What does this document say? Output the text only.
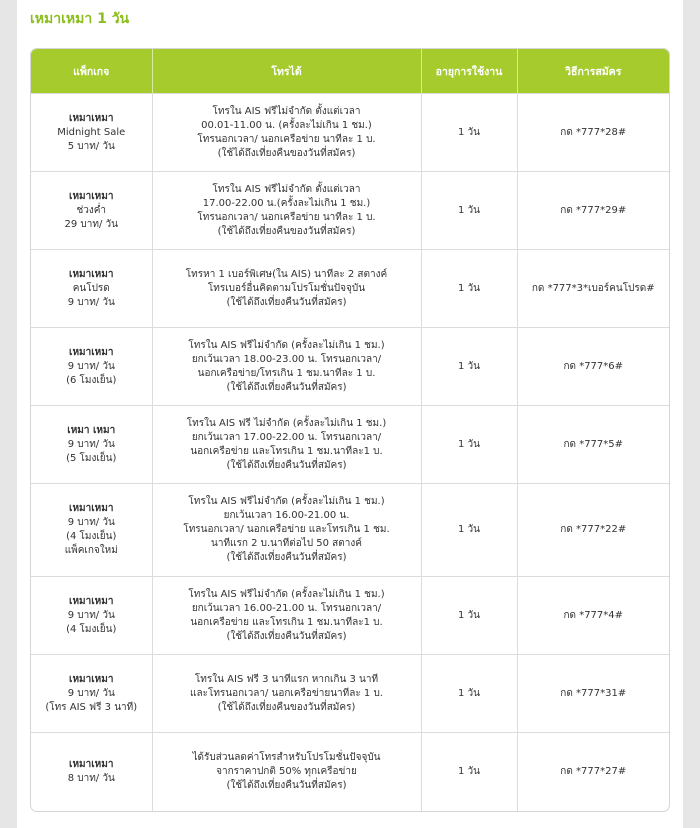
เหมาเหมา 1 วัน
แพ็กเกจ	โทรได้	อายุการใช้งาน	วิธีการสมัคร

เหมาเหมา
Midnight Sale
5 บาท/ วัน	โทรใน AIS ฟรีไม่จำกัด ตั้งแต่เวลา
00.01-11.00 น. (ครั้งละไม่เกิน 1 ชม.)
โทรนอกเวลา/ นอกเครือข่าย นาทีละ 1 บ.
(ใช้ได้ถึงเที่ยงคืนของวันที่สมัคร)	1 วัน	กด *777*28#

เหมาเหมา
ช่วงค่ำ
29 บาท/ วัน	โทรใน AIS ฟรีไม่จำกัด ตั้งแต่เวลา
17.00-22.00 น.(ครั้งละไม่เกิน 1 ชม.)
โทรนอกเวลา/ นอกเครือข่าย นาทีละ 1 บ.
(ใช้ได้ถึงเที่ยงคืนของวันที่สมัคร)	1 วัน	กด *777*29#

เหมาเหมา
คนโปรด
9 บาท/ วัน	โทรหา 1 เบอร์พิเศษ(ใน AIS) นาทีละ 2 สตางค์
โทรเบอร์อื่นคิดตามโปรโมชั่นปัจจุบัน
(ใช้ได้ถึงเที่ยงคืนวันที่สมัคร)	1 วัน	กด *777*3*เบอร์คนโปรด#

เหมาเหมา
9 บาท/ วัน
(6 โมงเย็น)	โทรใน AIS ฟรีไม่จำกัด (ครั้งละไม่เกิน 1 ชม.)
ยกเว้นเวลา 18.00-23.00 น. โทรนอกเวลา/
นอกเครือข่าย/โทรเกิน 1 ชม.นาทีละ 1 บ.
(ใช้ได้ถึงเที่ยงคืนวันที่สมัคร)	1 วัน	กด *777*6#

เหมา เหมา
9 บาท/ วัน
(5 โมงเย็น)	โทรใน AIS ฟรี ไม่จำกัด (ครั้งละไม่เกิน 1 ชม.)
ยกเว้นเวลา 17.00-22.00 น. โทรนอกเวลา/
นอกเครือข่าย และโทรเกิน 1 ชม.นาทีละ1 บ.
(ใช้ได้ถึงเที่ยงคืนวันที่สมัคร)	1 วัน	กด *777*5#

เหมาเหมา
9 บาท/ วัน
(4 โมงเย็น)
แพ็คเกจใหม่	โทรใน AIS ฟรีไม่จำกัด (ครั้งละไม่เกิน 1 ชม.)
ยกเว้นเวลา 16.00-21.00 น.
โทรนอกเวลา/ นอกเครือข่าย และโทรเกิน 1 ชม.
นาทีแรก 2 บ.นาทีต่อไป 50 สตางค์
(ใช้ได้ถึงเที่ยงคืนวันที่สมัคร)	1 วัน	กด *777*22#

เหมาเหมา
9 บาท/ วัน
(4 โมงเย็น)	โทรใน AIS ฟรีไม่จำกัด (ครั้งละไม่เกิน 1 ชม.)
ยกเว้นเวลา 16.00-21.00 น. โทรนอกเวลา/
นอกเครือข่าย และโทรเกิน 1 ชม.นาทีละ1 บ.
(ใช้ได้ถึงเที่ยงคืนวันที่สมัคร)	1 วัน	กด *777*4#

เหมาเหมา
9 บาท/ วัน
(โทร AIS ฟรี 3 นาที)	โทรใน AIS ฟรี 3 นาทีแรก หากเกิน 3 นาที
และโทรนอกเวลา/ นอกเครือข่ายนาทีละ 1 บ.
(ใช้ได้ถึงเที่ยงคืนของวันที่สมัคร)	1 วัน	กด *777*31#

เหมาเหมา
8 บาท/ วัน	ได้รับส่วนลดค่าโทรสำหรับโปรโมชั่นปัจจุบัน
จากราคาปกติ 50% ทุกเครือข่าย
(ใช้ได้ถึงเที่ยงคืนวันที่สมัคร)	1 วัน	กด *777*27#
